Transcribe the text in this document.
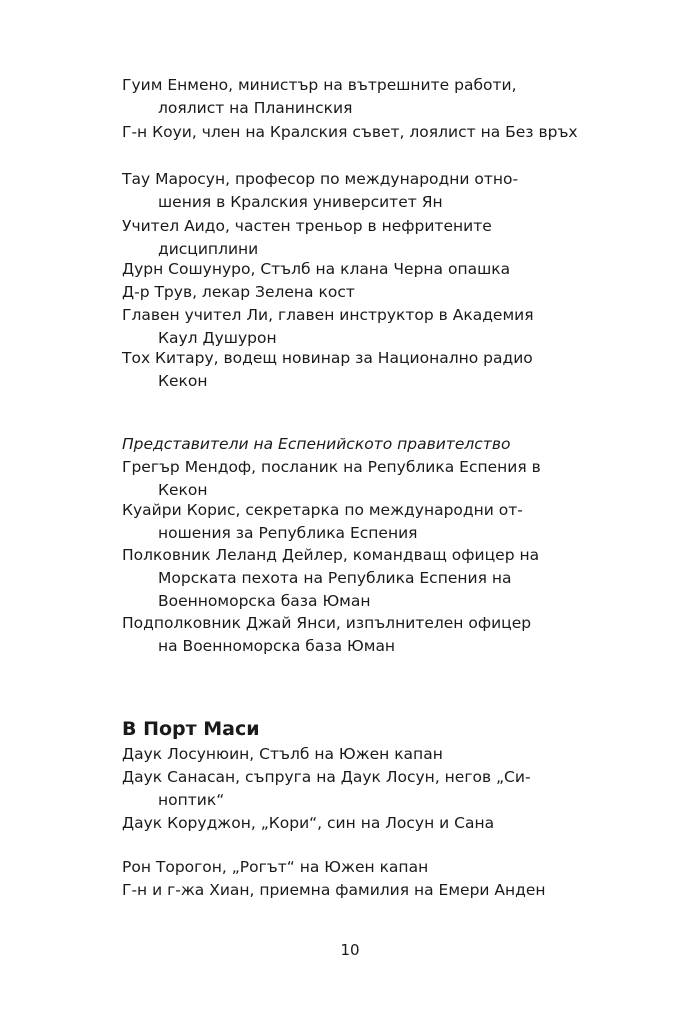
Гуим Енмено, министър на вътрешните работи,
лоялист на Планинския
Г-н Коуи, член на Кралския съвет, лоялист на Без връх
Тау Маросун, професор по международни отно-
шения в Кралския университет Ян
Учител Аидо, частен треньор в нефритените
дисциплини
Дурн Сошунуро, Стълб на клана Черна опашка
Д-р Трув, лекар Зелена кост
Главен учител Ли, главен инструктор в Академия
Каул Душурон
Тох Китару, водещ новинар за Национално радио
Кекон
Представители на Еспенийското правителство
Грегър Мендоф, посланик на Република Еспения в
Кекон
Куайри Корис, секретарка по международни от-
ношения за Република Еспения
Полковник Леланд Дейлер, командващ офицер на
Морската пехота на Република Еспения на
Военноморска база Юман
Подполковник Джай Янси, изпълнителен офицер
на Военноморска база Юман
В Порт Маси
Даук Лосунюин, Стълб на Южен капан
Даук Санасан, съпруга на Даук Лосун, негов „Си-
нoптик“
Даук Коруджон, „Кори“, син на Лосун и Сана
Рон Торогон, „Рогът“ на Южен капан
Г-н и г-жа Хиан, приемна фамилия на Емери Анден
10
